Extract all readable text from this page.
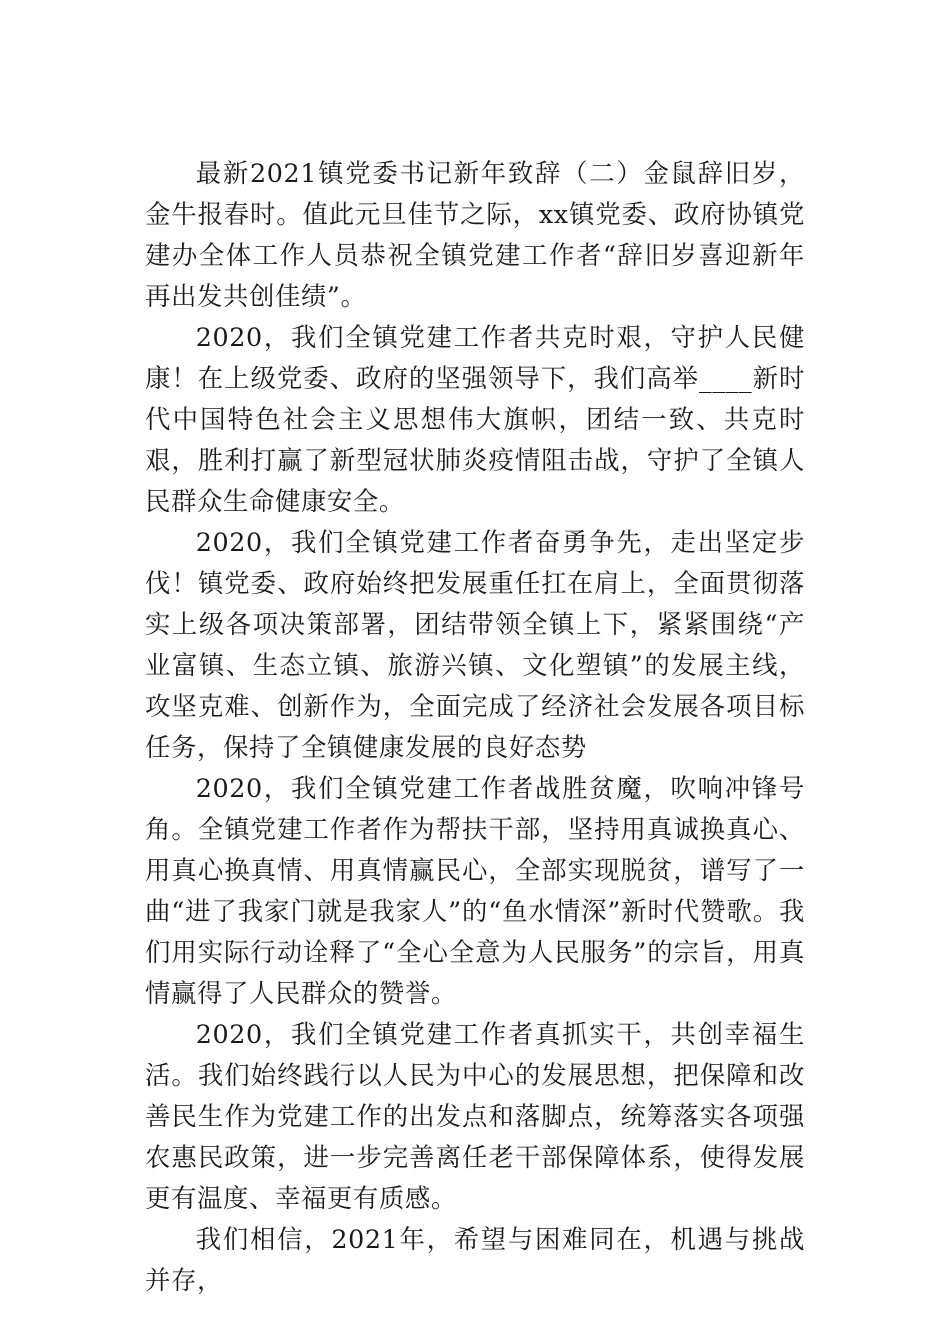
最新2021镇党委书记新年致辞（二）金鼠辞旧岁，金牛报春时。值此元旦佳节之际，xx镇党委、政府协镇党建办全体工作人员恭祝全镇党建工作者“辞旧岁喜迎新年 再出发共创佳绩”。

2020，我们全镇党建工作者共克时艰，守护人民健康！在上级党委、政府的坚强领导下，我们高举____新时代中国特色社会主义思想伟大旗帜，团结一致、共克时艰，胜利打赢了新型冠状肺炎疫情阻击战，守护了全镇人民群众生命健康安全。

2020，我们全镇党建工作者奋勇争先，走出坚定步伐！镇党委、政府始终把发展重任扛在肩上，全面贯彻落实上级各项决策部署，团结带领全镇上下，紧紧围绕“产业富镇、生态立镇、旅游兴镇、文化塑镇”的发展主线，攻坚克难、创新作为，全面完成了经济社会发展各项目标任务，保持了全镇健康发展的良好态势

2020，我们全镇党建工作者战胜贫魔，吹响冲锋号角。全镇党建工作者作为帮扶干部，坚持用真诚换真心、用真心换真情、用真情赢民心，全部实现脱贫，谱写了一曲“进了我家门就是我家人”的“鱼水情深”新时代赞歌。我们用实际行动诠释了“全心全意为人民服务”的宗旨，用真情赢得了人民群众的赞誉。

2020，我们全镇党建工作者真抓实干，共创幸福生活。我们始终践行以人民为中心的发展思想，把保障和改善民生作为党建工作的出发点和落脚点，统筹落实各项强农惠民政策，进一步完善离任老干部保障体系，使得发展更有温度、幸福更有质感。

我们相信，2021年，希望与困难同在，机遇与挑战并存，
